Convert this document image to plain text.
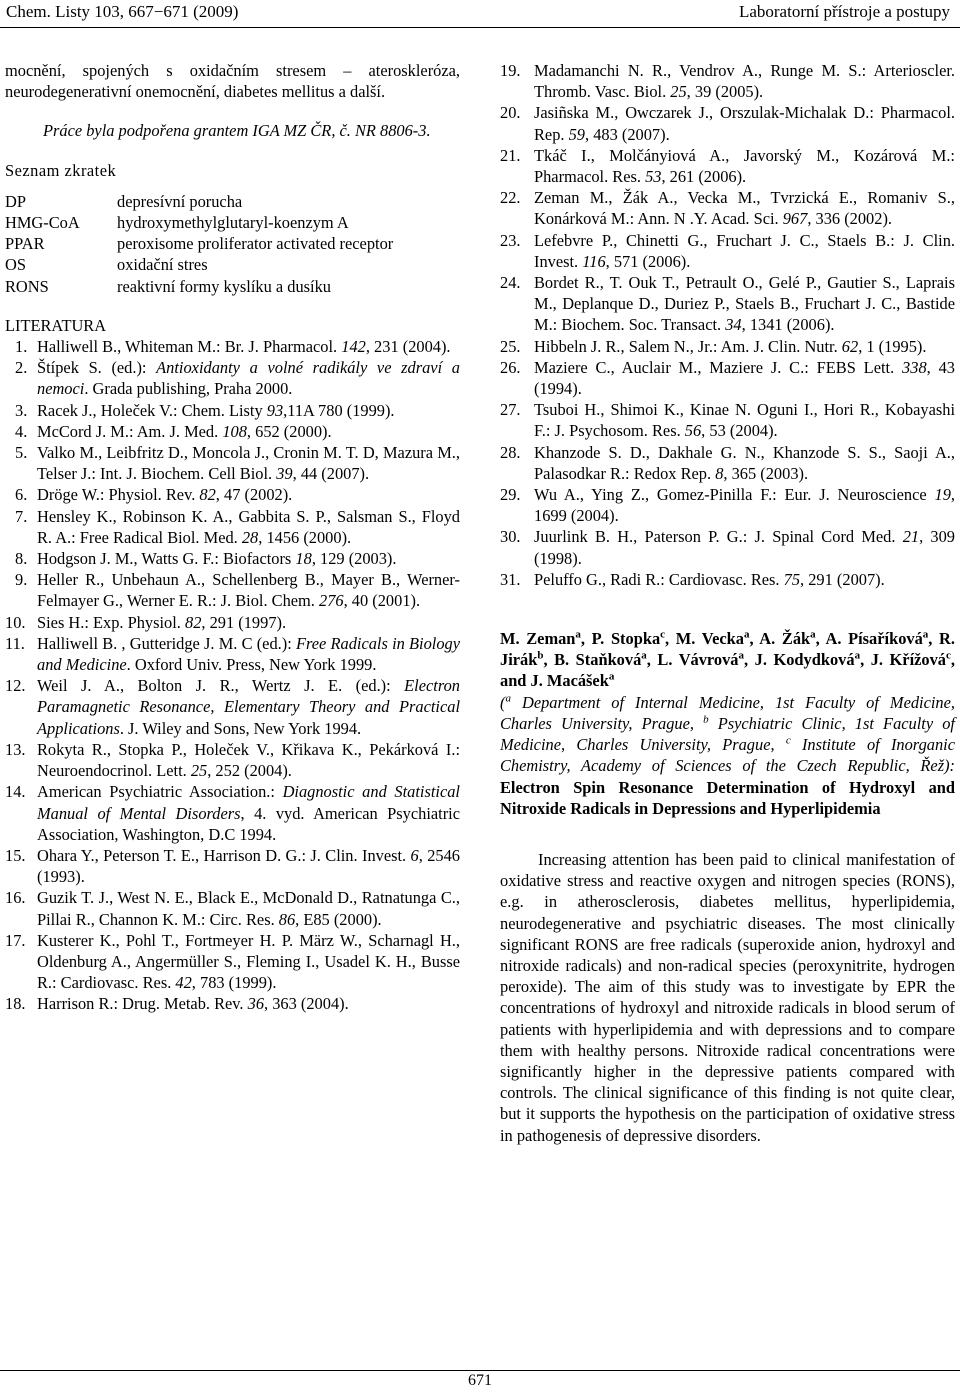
Chem. Listy 103, 667−671 (2009)	Laboratorní přístroje a postupy

mocnění, spojených s oxidačním stresem – ateroskleróza, neurodegenerativní onemocnění, diabetes mellitus a další.

Práce byla podpořena grantem IGA MZ ČR, č. NR 8806-3.

Seznam zkratek

DP	depresívní porucha
HMG-CoA	hydroxymethylglutaryl-koenzym A
PPAR	peroxisome proliferator activated receptor
OS	oxidační stres
RONS	reaktivní formy kyslíku a dusíku

LITERATURA

1. Halliwell B., Whiteman M.: Br. J. Pharmacol. 142, 231 (2004).
2. Štípek S. (ed.): Antioxidanty a volné radikály ve zdraví a nemoci. Grada publishing, Praha 2000.
3. Racek J., Holeček V.: Chem. Listy 93,11A 780 (1999).
4. McCord J. M.: Am. J. Med. 108, 652 (2000).
5. Valko M., Leibfritz D., Moncola J., Cronin M. T. D, Mazura M., Telser J.: Int. J. Biochem. Cell Biol. 39, 44 (2007).
6. Dröge W.: Physiol. Rev. 82, 47 (2002).
7. Hensley K., Robinson K. A., Gabbita S. P., Salsman S., Floyd R. A.: Free Radical Biol. Med. 28, 1456 (2000).
8. Hodgson J. M., Watts G. F.: Biofactors 18, 129 (2003).
9. Heller R., Unbehaun A., Schellenberg B., Mayer B., Werner-Felmayer G., Werner E. R.: J. Biol. Chem. 276, 40 (2001).
10. Sies H.: Exp. Physiol. 82, 291 (1997).
11. Halliwell B. , Gutteridge J. M. C (ed.): Free Radicals in Biology and Medicine. Oxford Univ. Press, New York 1999.
12. Weil J. A., Bolton J. R., Wertz J. E. (ed.): Electron Paramagnetic Resonance, Elementary Theory and Practical Applications. J. Wiley and Sons, New York 1994.
13. Rokyta R., Stopka P., Holeček V., Křikava K., Pekárková I.: Neuroendocrinol. Lett. 25, 252 (2004).
14. American Psychiatric Association.: Diagnostic and Statistical Manual of Mental Disorders, 4. vyd. American Psychiatric Association, Washington, D.C 1994.
15. Ohara Y., Peterson T. E., Harrison D. G.: J. Clin. Invest. 6, 2546 (1993).
16. Guzik T. J., West N. E., Black E., McDonald D., Ratnatunga C., Pillai R., Channon K. M.: Circ. Res. 86, E85 (2000).
17. Kusterer K., Pohl T., Fortmeyer H. P. März W., Scharnagl H., Oldenburg A., Angermüller S., Fleming I., Usadel K. H., Busse R.: Cardiovasc. Res. 42, 783 (1999).
18. Harrison R.: Drug. Metab. Rev. 36, 363 (2004).
19. Madamanchi N. R., Vendrov A., Runge M. S.: Arterioscler. Thromb. Vasc. Biol. 25, 39 (2005).
20. Jasiñska M., Owczarek J., Orszulak-Michalak D.: Pharmacol. Rep. 59, 483 (2007).
21. Tkáč I., Molčányiová A., Javorský M., Kozárová M.: Pharmacol. Res. 53, 261 (2006).
22. Zeman M., Žák A., Vecka M., Tvrzická E., Romaniv S., Konárková M.: Ann. N .Y. Acad. Sci. 967, 336 (2002).
23. Lefebvre P., Chinetti G., Fruchart J. C., Staels B.: J. Clin. Invest. 116, 571 (2006).
24. Bordet R., T. Ouk T., Petrault O., Gelé P., Gautier S., Laprais M., Deplanque D., Duriez P., Staels B., Fruchart J. C., Bastide M.: Biochem. Soc. Transact. 34, 1341 (2006).
25. Hibbeln J. R., Salem N., Jr.: Am. J. Clin. Nutr. 62, 1 (1995).
26. Maziere C., Auclair M., Maziere J. C.: FEBS Lett. 338, 43 (1994).
27. Tsuboi H., Shimoi K., Kinae N. Oguni I., Hori R., Kobayashi F.: J. Psychosom. Res. 56, 53 (2004).
28. Khanzode S. D., Dakhale G. N., Khanzode S. S., Saoji A., Palasodkar R.: Redox Rep. 8, 365 (2003).
29. Wu A., Ying Z., Gomez-Pinilla F.: Eur. J. Neuroscience 19, 1699 (2004).
30. Juurlink B. H., Paterson P. G.: J. Spinal Cord Med. 21, 309 (1998).
31. Peluffo G., Radi R.: Cardiovasc. Res. 75, 291 (2007).

M. Zeman$^a$, P. Stopka$^c$, M. Vecka$^a$, A. Žák$^a$, A. Písaříková$^a$, R. Jirák$^b$, B. Staňková$^a$, L. Vávrová$^a$, J. Kodydková$^a$, J. Křížová$^c$, and J. Macášek$^a$

($^a$ Department of Internal Medicine, 1st Faculty of Medicine, Charles University, Prague, $^b$ Psychiatric Clinic, 1st Faculty of Medicine, Charles University, Prague, $^c$ Institute of Inorganic Chemistry, Academy of Sciences of the Czech Republic, Řež): Electron Spin Resonance Determination of Hydroxyl and Nitroxide Radicals in Depressions and Hyperlipidemia

Increasing attention has been paid to clinical manifestation of oxidative stress and reactive oxygen and nitrogen species (RONS), e.g. in atherosclerosis, diabetes mellitus, hyperlipidemia, neurodegenerative and psychiatric diseases. The most clinically significant RONS are free radicals (superoxide anion, hydroxyl and nitroxide radicals) and non-radical species (peroxynitrite, hydrogen peroxide). The aim of this study was to investigate by EPR the concentrations of hydroxyl and nitroxide radicals in blood serum of patients with hyperlipidemia and with depressions and to compare them with healthy persons. Nitroxide radical concentrations were significantly higher in the depressive patients compared with controls. The clinical significance of this finding is not quite clear, but it supports the hypothesis on the participation of oxidative stress in pathogenesis of depressive disorders.

671
